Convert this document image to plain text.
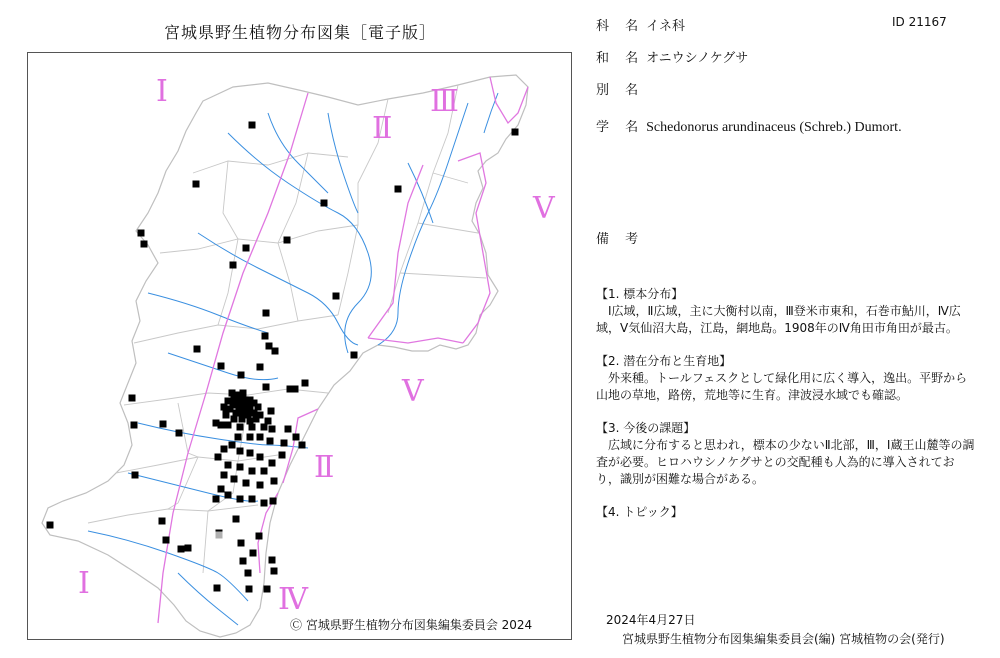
宮城県野生植物分布図集［電子版］
Ⅰ
Ⅱ
Ⅲ
Ⅴ
Ⅴ
Ⅱ
Ⅰ	Ⅳ
Ⓒ 宮城県野生植物分布図集編集委員会 2024
科 名 イネ科	ID 21167
和 名 オニウシノケグサ
別 名
学 名 Schedonorus arundinaceus (Schreb.) Dumort.
備 考

【1. 標本分布】

Ⅰ広域，Ⅱ広域，主に大衡村以南，Ⅲ登米市東和，石巻市鮎川，Ⅳ広域，Ⅴ気仙沼大島，江島，網地島。1908年のⅣ角田市角田が最古。

【2. 潜在分布と生育地】

外来種。トールフェスクとして緑化用に広く導入，逸出。平野から山地の草地，路傍，荒地等に生育。津波浸水域でも確認。

【3. 今後の課題】

広域に分布すると思われ，標本の少ないⅡ北部，Ⅲ，Ⅰ蔵王山麓等の調査が必要。ヒロハウシノケグサとの交配種も人為的に導入されており，識別が困難な場合がある。

【4. トピック】

2024年4月27日
宮城県野生植物分布図集編集委員会(編) 宮城植物の会(発行)
